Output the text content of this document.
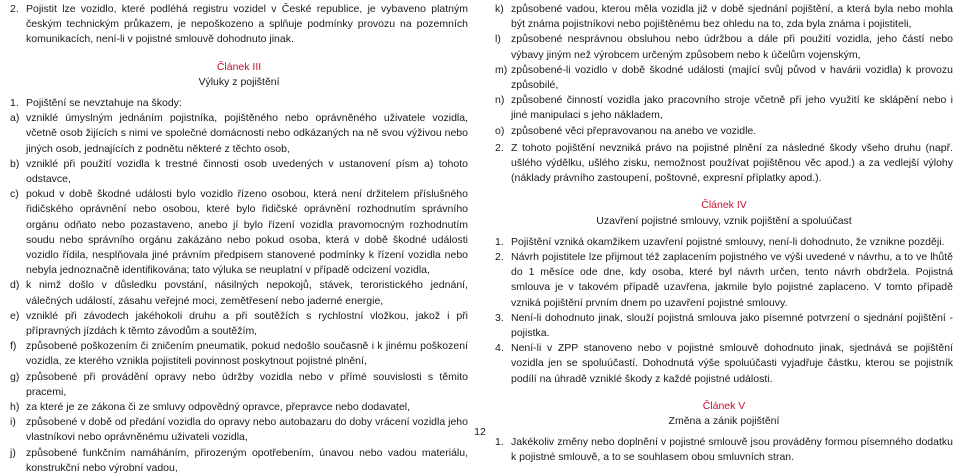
2. Pojistit lze vozidlo, které podléhá registru vozidel v České republice, je vybaveno platným českým technickým průkazem, je nepoškozeno a splňuje podmínky provozu na pozemních komunikacích, není-li v pojistné smlouvě dohodnuto jinak.

Článek III

Výluky z pojištění

1. Pojištění se nevztahuje na škody:
a) vzniklé úmyslným jednáním pojistníka, pojištěného nebo oprávněného uživatele vozidla, včetně osob žijících s nimi ve společné domácnosti nebo odkázaných na ně svou výživou nebo jiných osob, jednajících z podnětu některé z těchto osob,
b) vzniklé při použití vozidla k trestné činnosti osob uvedených v ustanovení písm a) tohoto odstavce,
c) pokud v době škodné události bylo vozidlo řízeno osobou, která není držitelem příslušného řidičského oprávnění nebo osobou, které bylo řidičské oprávnění rozhodnutím správního orgánu odňato nebo pozastaveno, anebo jí bylo řízení vozidla pravomocným rozhodnutím soudu nebo správního orgánu zakázáno nebo pokud osoba, která v době škodné události vozidlo řídila, nesplňovala jiné právním předpisem stanovené podmínky k řízení vozidla nebo nebyla jednoznačně identifikována; tato výluka se neuplatní v případě odcizení vozidla,
d) k nimž došlo v důsledku povstání, násilných nepokojů, stávek, teroristického jednání, válečných událostí, zásahu veřejné moci, zemětřesení nebo jaderné energie,
e) vzniklé při závodech jakéhokoli druhu a při soutěžích s rychlostní vložkou, jakož i při přípravných jízdách k těmto závodům a soutěžím,
f) způsobené poškozením či zničením pneumatik, pokud nedošlo současně i k jinému poškození vozidla, ze kterého vznikla pojistiteli povinnost poskytnout pojistné plnění,
g) způsobené při provádění opravy nebo údržby vozidla nebo v přímé souvislosti s těmito pracemi,
h) za které je ze zákona či ze smluvy odpovědný opravce, přepravce nebo dodavatel,
i) způsobené v době od předání vozidla do opravy nebo autobazaru do doby vrácení vozidla jeho vlastníkovi nebo oprávněnému uživateli vozidla,
j) způsobené funkčním namáháním, přirozeným opotřebením, únavou nebo vadou materiálu, konstrukční nebo výrobní vadou,
k) způsobené vadou, kterou měla vozidla již v době sjednání pojištění, a která byla nebo mohla být známa pojistníkovi nebo pojištěnému bez ohledu na to, zda byla známa i pojistiteli,
l) způsobené nesprávnou obsluhou nebo údržbou a dále při použití vozidla, jeho částí nebo výbavy jiným než výrobcem určeným způsobem nebo k účelům vojenským,
m) způsobené-li vozidlo v době škodné události (mající svůj původ v havárii vozidla) k provozu způsobilé,
n) způsobené činností vozidla jako pracovního stroje včetně při jeho využití ke sklápění nebo i jiné manipulaci s jeho nákladem,
o) způsobené věci přepravovanou na anebo ve vozidle.
2. Z tohoto pojištění nevzniká právo na pojistné plnění za následné škody všeho druhu (např. ušlého výdělku, ušlého zisku, nemožnost používat pojištěnou věc apod.) a za vedlejší výlohy (náklady právního zastoupení, poštovné, expresní příplatky apod.).

Článek IV

Uzavření pojistné smlouvy, vznik pojištění a spoluúčast

1. Pojištění vzniká okamžikem uzavření pojistné smlouvy, není-li dohodnuto, že vznikne později.
2. Návrh pojistitele lze přijmout též zaplacením pojistného ve výši uvedené v návrhu, a to ve lhůtě do 1 měsíce ode dne, kdy osoba, které byl návrh určen, tento návrh obdržela. Pojistná smlouva je v takovém případě uzavřena, jakmile bylo pojistné zaplaceno. V tomto případě vzniká pojištění prvním dnem po uzavření pojistné smlouvy.
3. Není-li dohodnuto jinak, slouží pojistná smlouva jako písemné potvrzení o sjednání pojištění - pojistka.
4. Není-li v ZPP stanoveno nebo v pojistné smlouvě dohodnuto jinak, sjednává se pojištění vozidla jen se spoluúčastí. Dohodnutá výše spoluúčasti vyjadřuje částku, kterou se pojistník podílí na úhradě vzniklé škody z každé pojistné události.

Článek V

Změna a zánik pojištění

1. Jakékoliv změny nebo doplnění v pojistné smlouvě jsou prováděny formou písemného dodatku k pojistné smlouvě, a to se souhlasem obou smluvních stran.
12
